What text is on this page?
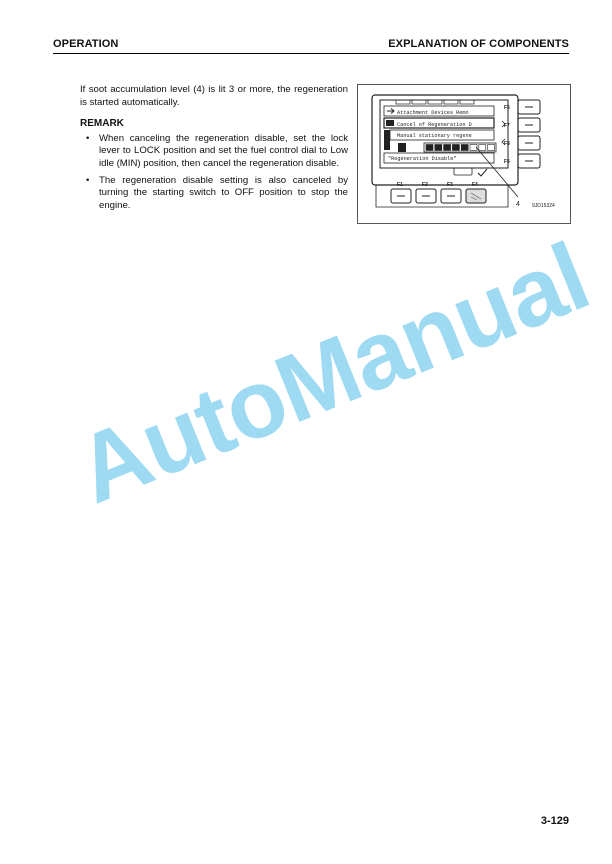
OPERATION	EXPLANATION OF COMPONENTS

If soot accumulation level (4) is lit 3 or more, the regeneration is started automatically.

REMARK

• When canceling the regeneration disable, set the lock lever to LOCK position and set the fuel control dial to Low idle (MIN) position, then cancel the regeneration disable.
• The regeneration disable setting is also canceled by turning the starting switch to OFF position to stop the engine.
Attachment Devices Remo
Cancel of Regeneration D
Manual stationary regene
"Regeneration Disable"
F5
F7
F8
F6
F1	F2	F3	F4
4 9JD15324
AutoManual
3-129
